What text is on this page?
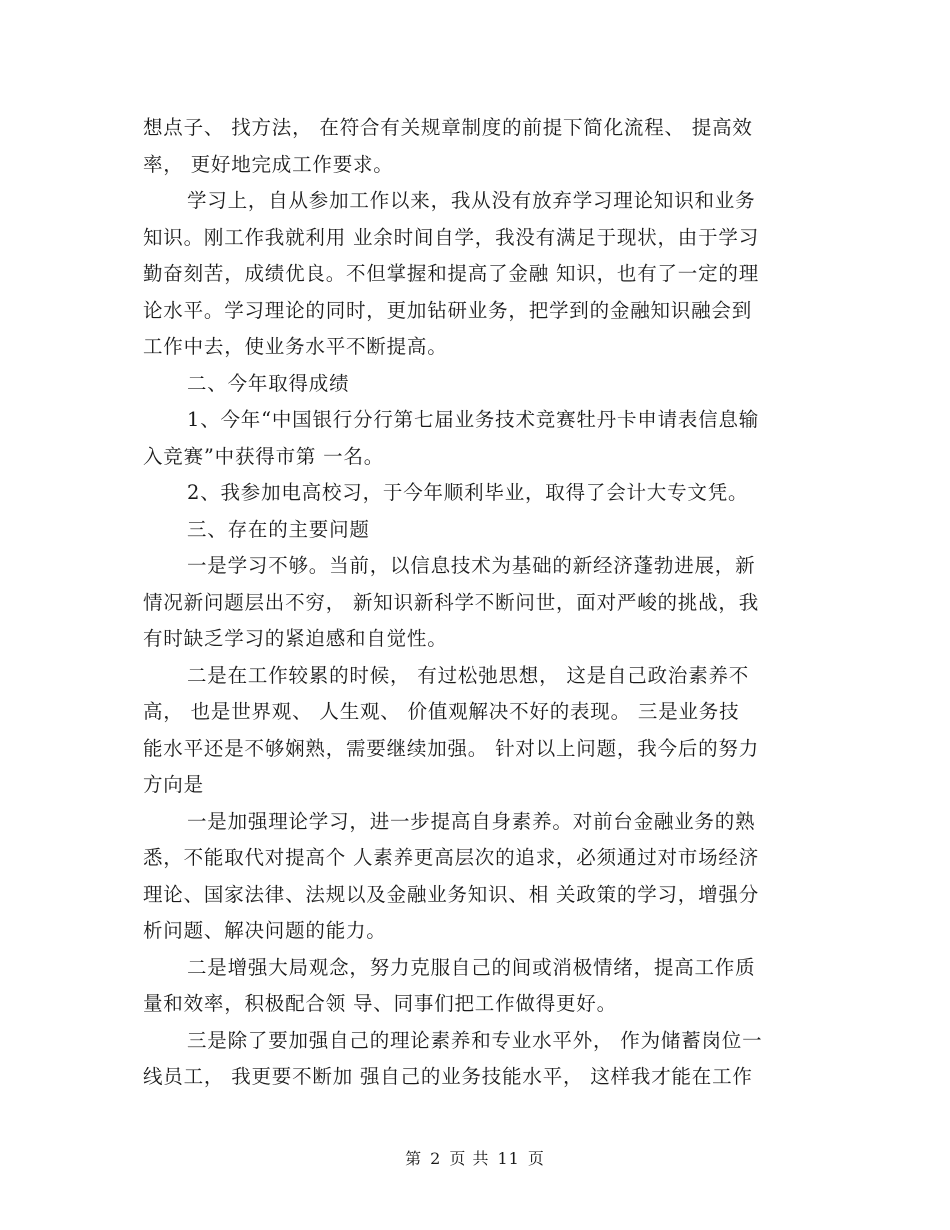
想点子、 找方法， 在符合有关规章制度的前提下简化流程、 提高效
率， 更好地完成工作要求。
学习上，自从参加工作以来，我从没有放弃学习理论知识和业务
知识。刚工作我就利用 业余时间自学，我没有满足于现状，由于学习
勤奋刻苦，成绩优良。不但掌握和提高了金融 知识，也有了一定的理
论水平。学习理论的同时，更加钻研业务，把学到的金融知识融会到
工作中去，使业务水平不断提高。
二、今年取得成绩
1、今年“中国银行分行第七届业务技术竞赛牡丹卡申请表信息输
入竞赛”中获得市第 一名。
2、我参加电高校习，于今年顺利毕业，取得了会计大专文凭。
三、存在的主要问题
一是学习不够。当前，以信息技术为基础的新经济蓬勃进展，新
情况新问题层出不穷， 新知识新科学不断问世，面对严峻的挑战，我
有时缺乏学习的紧迫感和自觉性。
二是在工作较累的时候， 有过松弛思想， 这是自己政治素养不
高， 也是世界观、 人生观、 价值观解决不好的表现。 三是业务技
能水平还是不够娴熟，需要继续加强。 针对以上问题，我今后的努力
方向是
一是加强理论学习，进一步提高自身素养。对前台金融业务的熟
悉，不能取代对提高个 人素养更高层次的追求，必须通过对市场经济
理论、国家法律、法规以及金融业务知识、相 关政策的学习，增强分
析问题、解决问题的能力。
二是增强大局观念，努力克服自己的间或消极情绪，提高工作质
量和效率，积极配合领 导、同事们把工作做得更好。
三是除了要加强自己的理论素养和专业水平外， 作为储蓄岗位一
线员工， 我更要不断加 强自己的业务技能水平， 这样我才能在工作
第 2 页 共 11 页
